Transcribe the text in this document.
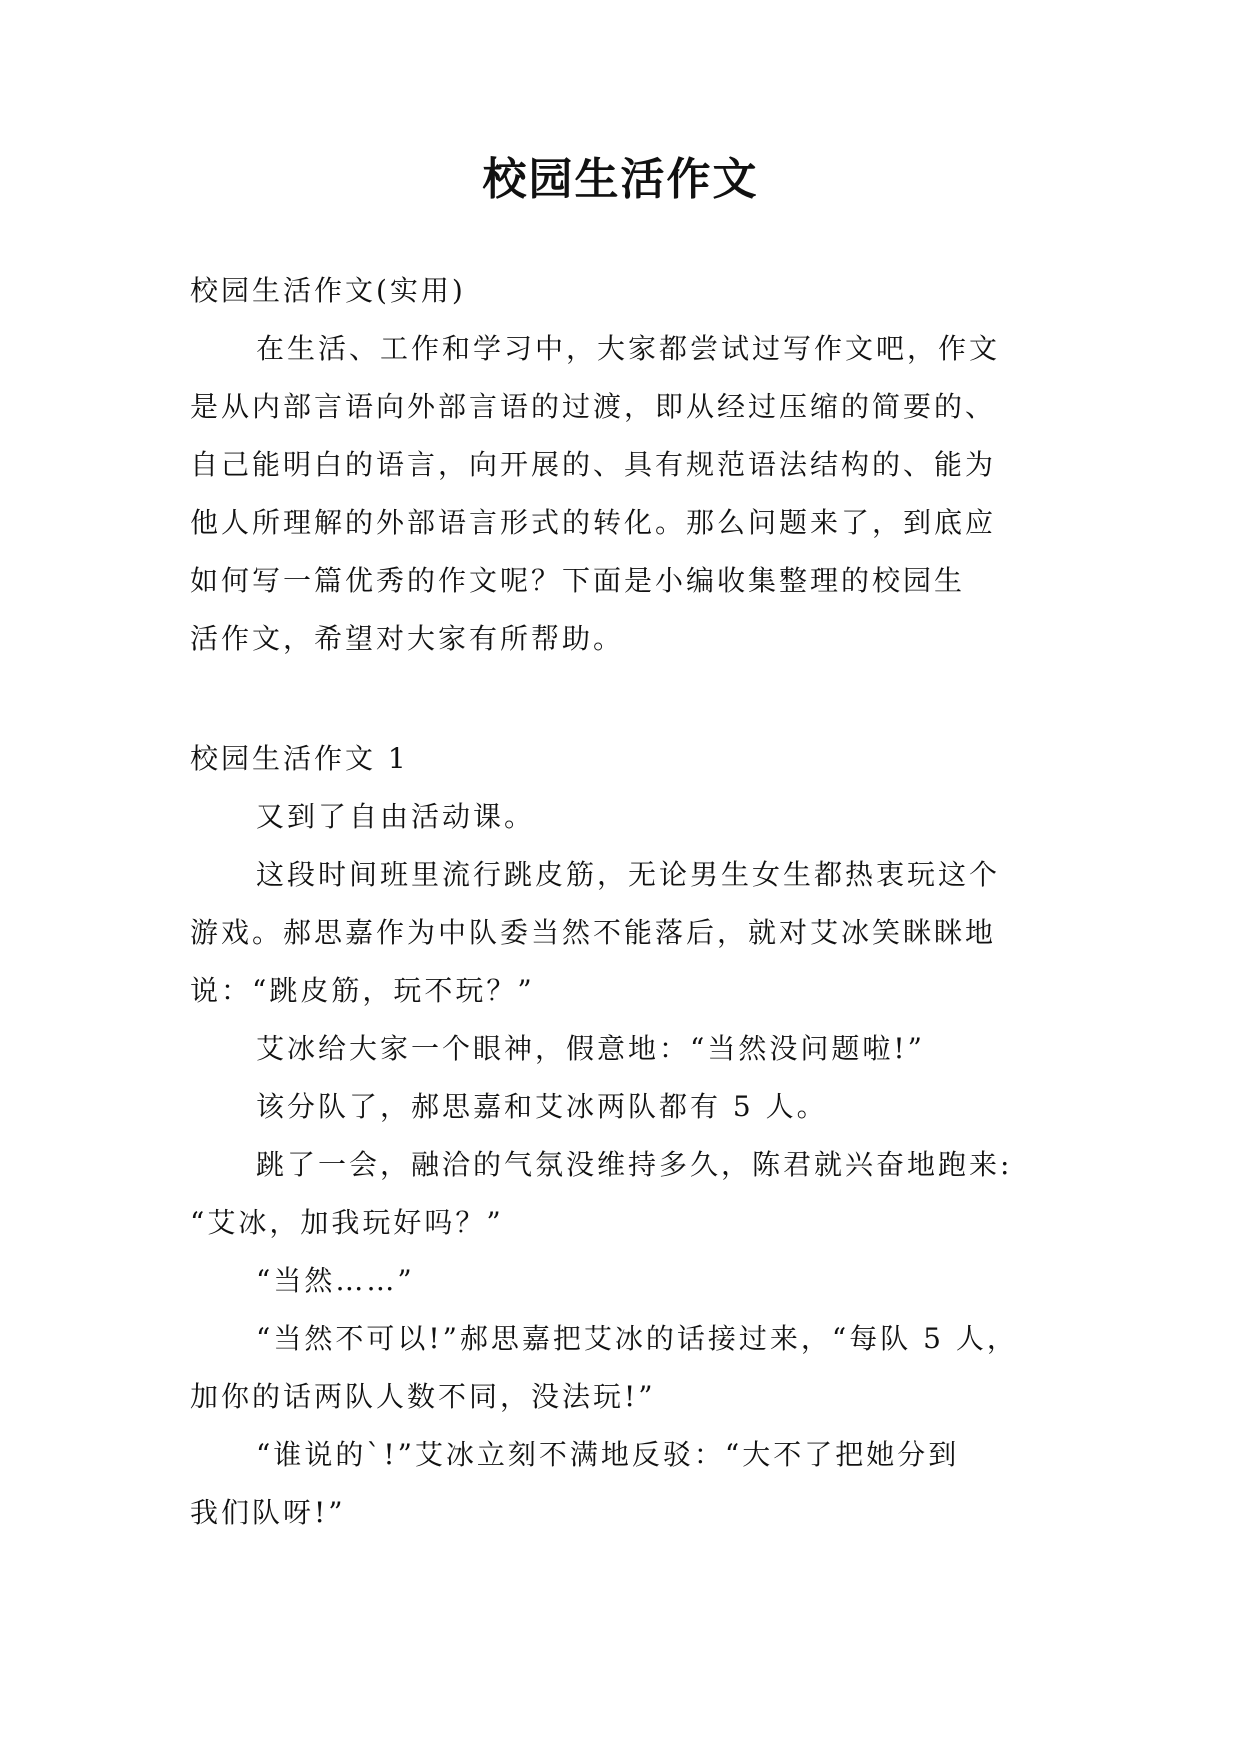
校园生活作文

校园生活作文(实用)

在生活、工作和学习中，大家都尝试过写作文吧，作文

是从内部言语向外部言语的过渡，即从经过压缩的简要的、

自己能明白的语言，向开展的、具有规范语法结构的、能为

他人所理解的外部语言形式的转化。那么问题来了，到底应

如何写一篇优秀的作文呢？下面是小编收集整理的校园生

活作文，希望对大家有所帮助。

校园生活作文 1

又到了自由活动课。

这段时间班里流行跳皮筋，无论男生女生都热衷玩这个

游戏。郝思嘉作为中队委当然不能落后，就对艾冰笑眯眯地

说：“跳皮筋，玩不玩？”

艾冰给大家一个眼神，假意地：“当然没问题啦!”

该分队了，郝思嘉和艾冰两队都有 5 人。

跳了一会，融洽的气氛没维持多久，陈君就兴奋地跑来:

“艾冰，加我玩好吗？”

“当然……”

“当然不可以!”郝思嘉把艾冰的话接过来，“每队 5 人，

加你的话两队人数不同，没法玩!”

“谁说的`!”艾冰立刻不满地反驳：“大不了把她分到

我们队呀!”
